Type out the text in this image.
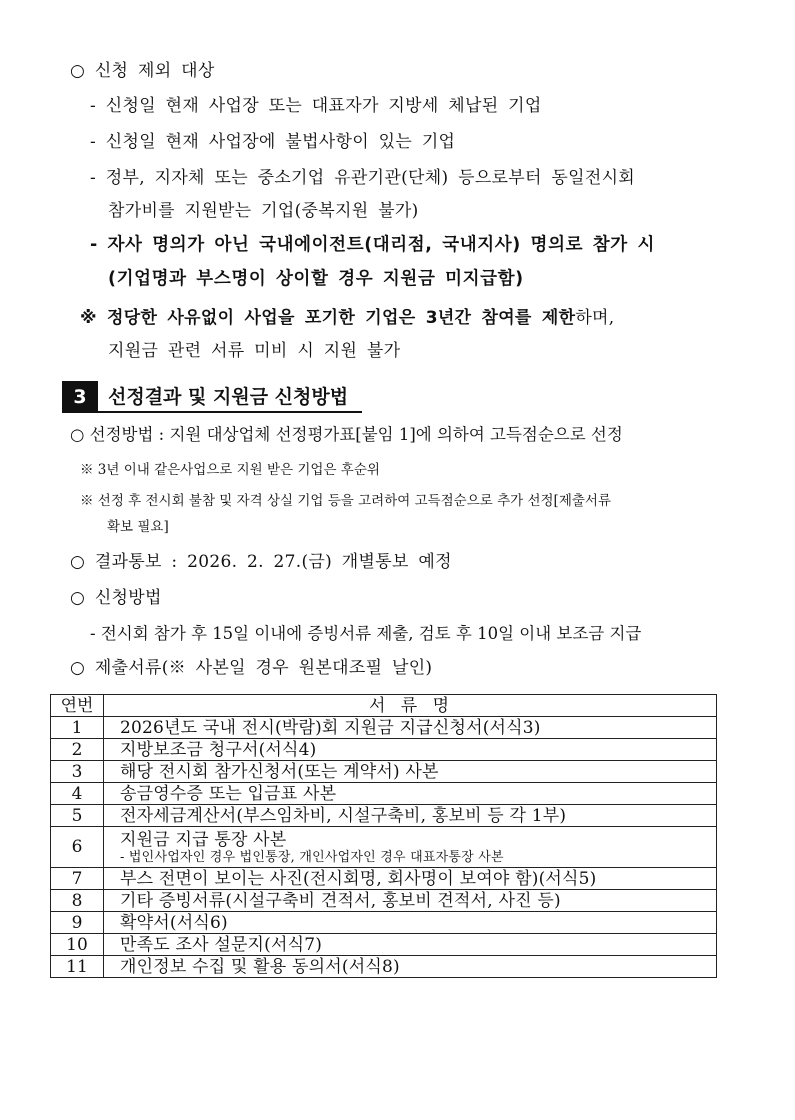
○ 신청 제외 대상
- 신청일 현재 사업장 또는 대표자가 지방세 체납된 기업
- 신청일 현재 사업장에 불법사항이 있는 기업
- 정부, 지자체 또는 중소기업 유관기관(단체) 등으로부터 동일전시회
참가비를 지원받는 기업(중복지원 불가)
- 자사 명의가 아닌 국내에이전트(대리점, 국내지사) 명의로 참가 시
(기업명과 부스명이 상이할 경우 지원금 미지급함)
※ 정당한 사유없이 사업을 포기한 기업은 3년간 참여를 제한하며,
지원금 관련 서류 미비 시 지원 불가
3	선정결과 및 지원금 신청방법
○ 선정방법 : 지원 대상업체 선정평가표[붙임 1]에 의하여 고득점순으로 선정
※ 3년 이내 같은사업으로 지원 받은 기업은 후순위
※ 선정 후 전시회 불참 및 자격 상실 기업 등을 고려하여 고득점순으로 추가 선정[제출서류
확보 필요]
○ 결과통보 : 2026. 2. 27.(금) 개별통보 예정
○ 신청방법
- 전시회 참가 후 15일 이내에 증빙서류 제출, 검토 후 10일 이내 보조금 지급
○ 제출서류(※ 사본일 경우 원본대조필 날인)
연번	서 류 명
1	2026년도 국내 전시(박람)회 지원금 지급신청서(서식3)
2	지방보조금 청구서(서식4)
3	해당 전시회 참가신청서(또는 계약서) 사본
4	송금영수증 또는 입금표 사본
5	전자세금계산서(부스임차비, 시설구축비, 홍보비 등 각 1부)
6	지원금 지급 통장 사본
- 법인사업자인 경우 법인통장, 개인사업자인 경우 대표자통장 사본

7	부스 전면이 보이는 사진(전시회명, 회사명이 보여야 함)(서식5)
8	기타 증빙서류(시설구축비 견적서, 홍보비 견적서, 사진 등)
9	확약서(서식6)
10	만족도 조사 설문지(서식7)
11	개인정보 수집 및 활용 동의서(서식8)
